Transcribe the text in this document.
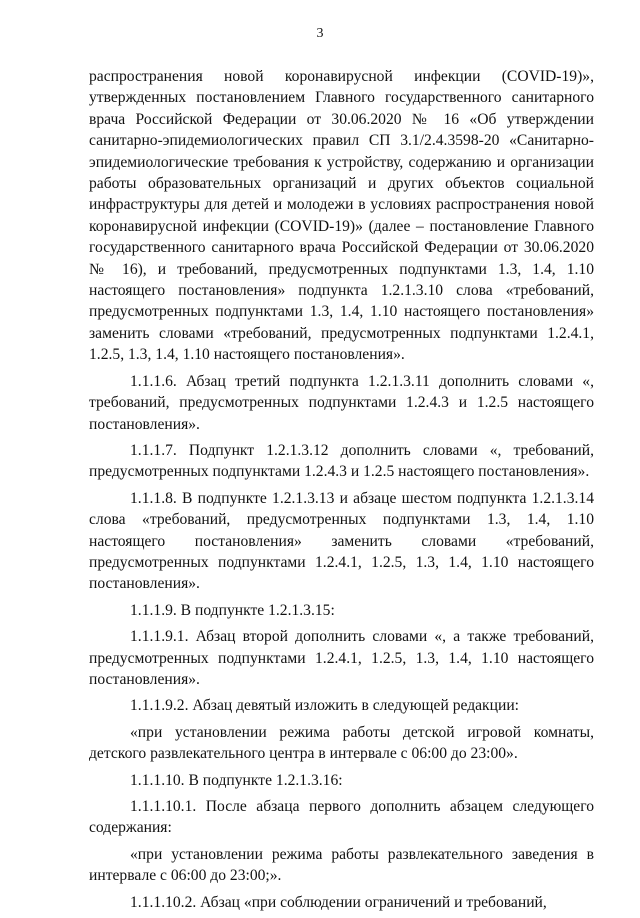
3

распространения новой коронавирусной инфекции (COVID-19)», утвержденных постановлением Главного государственного санитарного врача Российской Федерации от 30.06.2020 № 16 «Об утверждении санитарно-эпидемиологических правил СП 3.1/2.4.3598-20 «Санитарно-эпидемиологические требования к устройству, содержанию и организации работы образовательных организаций и других объектов социальной инфраструктуры для детей и молодежи в условиях распространения новой коронавирусной инфекции (COVID-19)» (далее – постановление Главного государственного санитарного врача Российской Федерации от 30.06.2020 № 16), и требований, предусмотренных подпунктами 1.3, 1.4, 1.10 настоящего постановления» подпункта 1.2.1.3.10 слова «требований, предусмотренных подпунктами 1.3, 1.4, 1.10 настоящего постановления» заменить словами «требований, предусмотренных подпунктами 1.2.4.1, 1.2.5, 1.3, 1.4, 1.10 настоящего постановления».

1.1.1.6. Абзац третий подпункта 1.2.1.3.11 дополнить словами «, требований, предусмотренных подпунктами 1.2.4.3 и 1.2.5 настоящего постановления».

1.1.1.7. Подпункт 1.2.1.3.12 дополнить словами «, требований, предусмотренных подпунктами 1.2.4.3 и 1.2.5 настоящего постановления».

1.1.1.8. В подпункте 1.2.1.3.13 и абзаце шестом подпункта 1.2.1.3.14 слова «требований, предусмотренных подпунктами 1.3, 1.4, 1.10 настоящего постановления» заменить словами «требований, предусмотренных подпунктами 1.2.4.1, 1.2.5, 1.3, 1.4, 1.10 настоящего постановления».

1.1.1.9. В подпункте 1.2.1.3.15:

1.1.1.9.1. Абзац второй дополнить словами «, а также требований, предусмотренных подпунктами 1.2.4.1, 1.2.5, 1.3, 1.4, 1.10 настоящего постановления».

1.1.1.9.2. Абзац девятый изложить в следующей редакции:

«при установлении режима работы детской игровой комнаты, детского развлекательного центра в интервале с 06:00 до 23:00».

1.1.1.10. В подпункте 1.2.1.3.16:

1.1.1.10.1. После абзаца первого дополнить абзацем следующего содержания:

«при установлении режима работы развлекательного заведения в интервале с 06:00 до 23:00;».

1.1.1.10.2. Абзац «при соблюдении ограничений и требований,
